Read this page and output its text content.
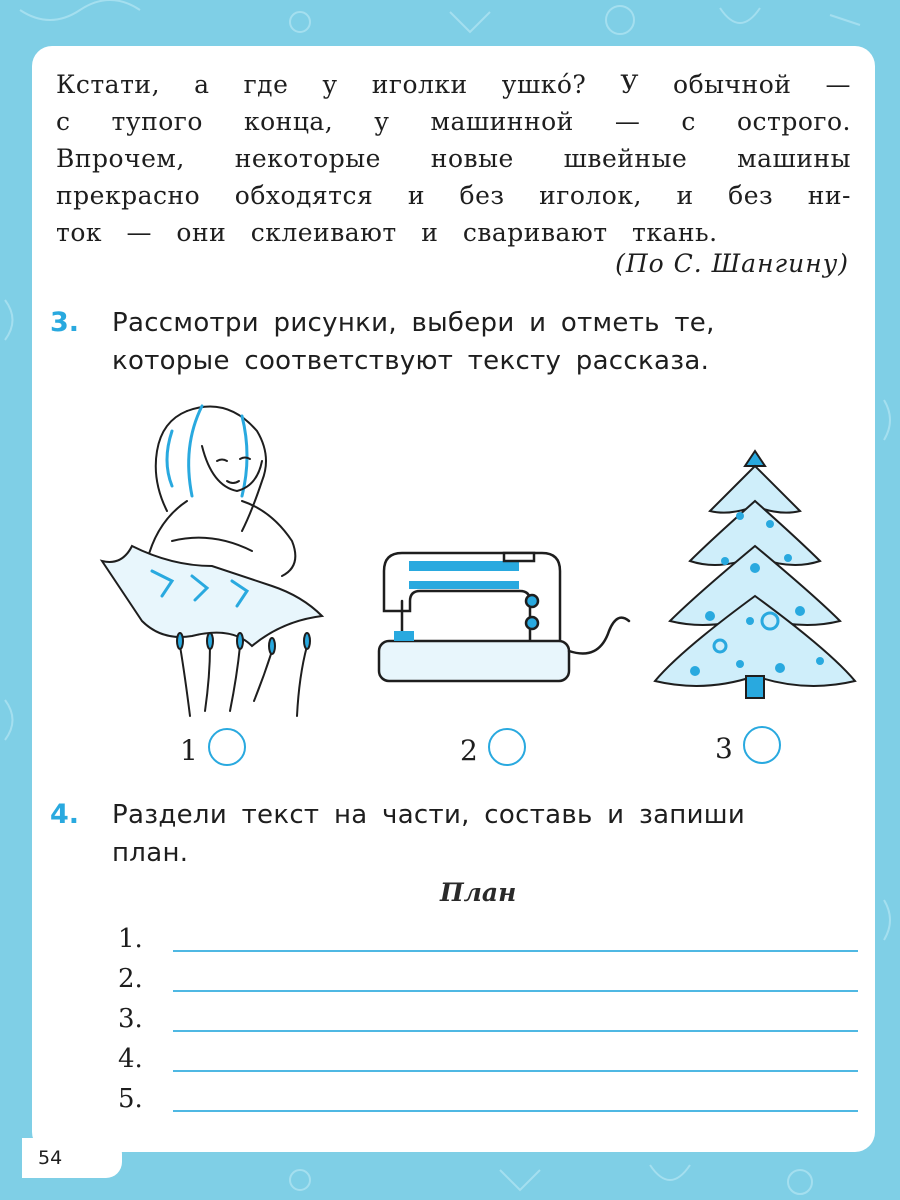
Кстати, а где у иголки ушкó? У обычной —
с тупого конца, у машинной — с острого.
Впрочем, некоторые новые швейные машины
прекрасно обходятся и без иголок, и без ни-
ток — они склеивают и сваривают ткань.
(По С. Шангину)
3. Рассмотри рисунки, выбери и отметь те,
которые соответствуют тексту рассказа.
1	2	3
4. Раздели текст на части, составь и запиши
план.
План
1.
2.
3.
4.
5.
54
